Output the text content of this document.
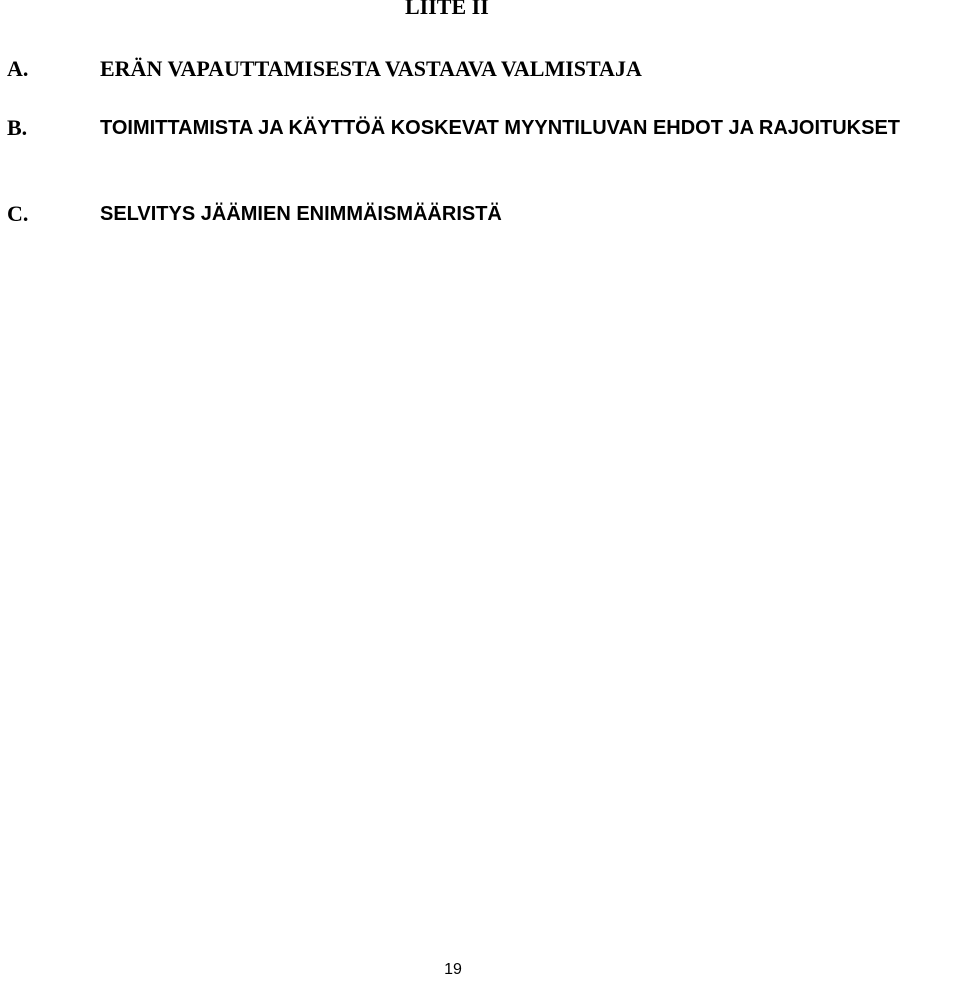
LIITE II
A.	ERÄN VAPAUTTAMISESTA VASTAAVA VALMISTAJA
B.	TOIMITTAMISTA JA KÄYTTÖÄ KOSKEVAT MYYNTILUVAN EHDOT JA RAJOITUKSET
C.	SELVITYS JÄÄMIEN ENIMMÄISMÄÄRISTÄ
19
